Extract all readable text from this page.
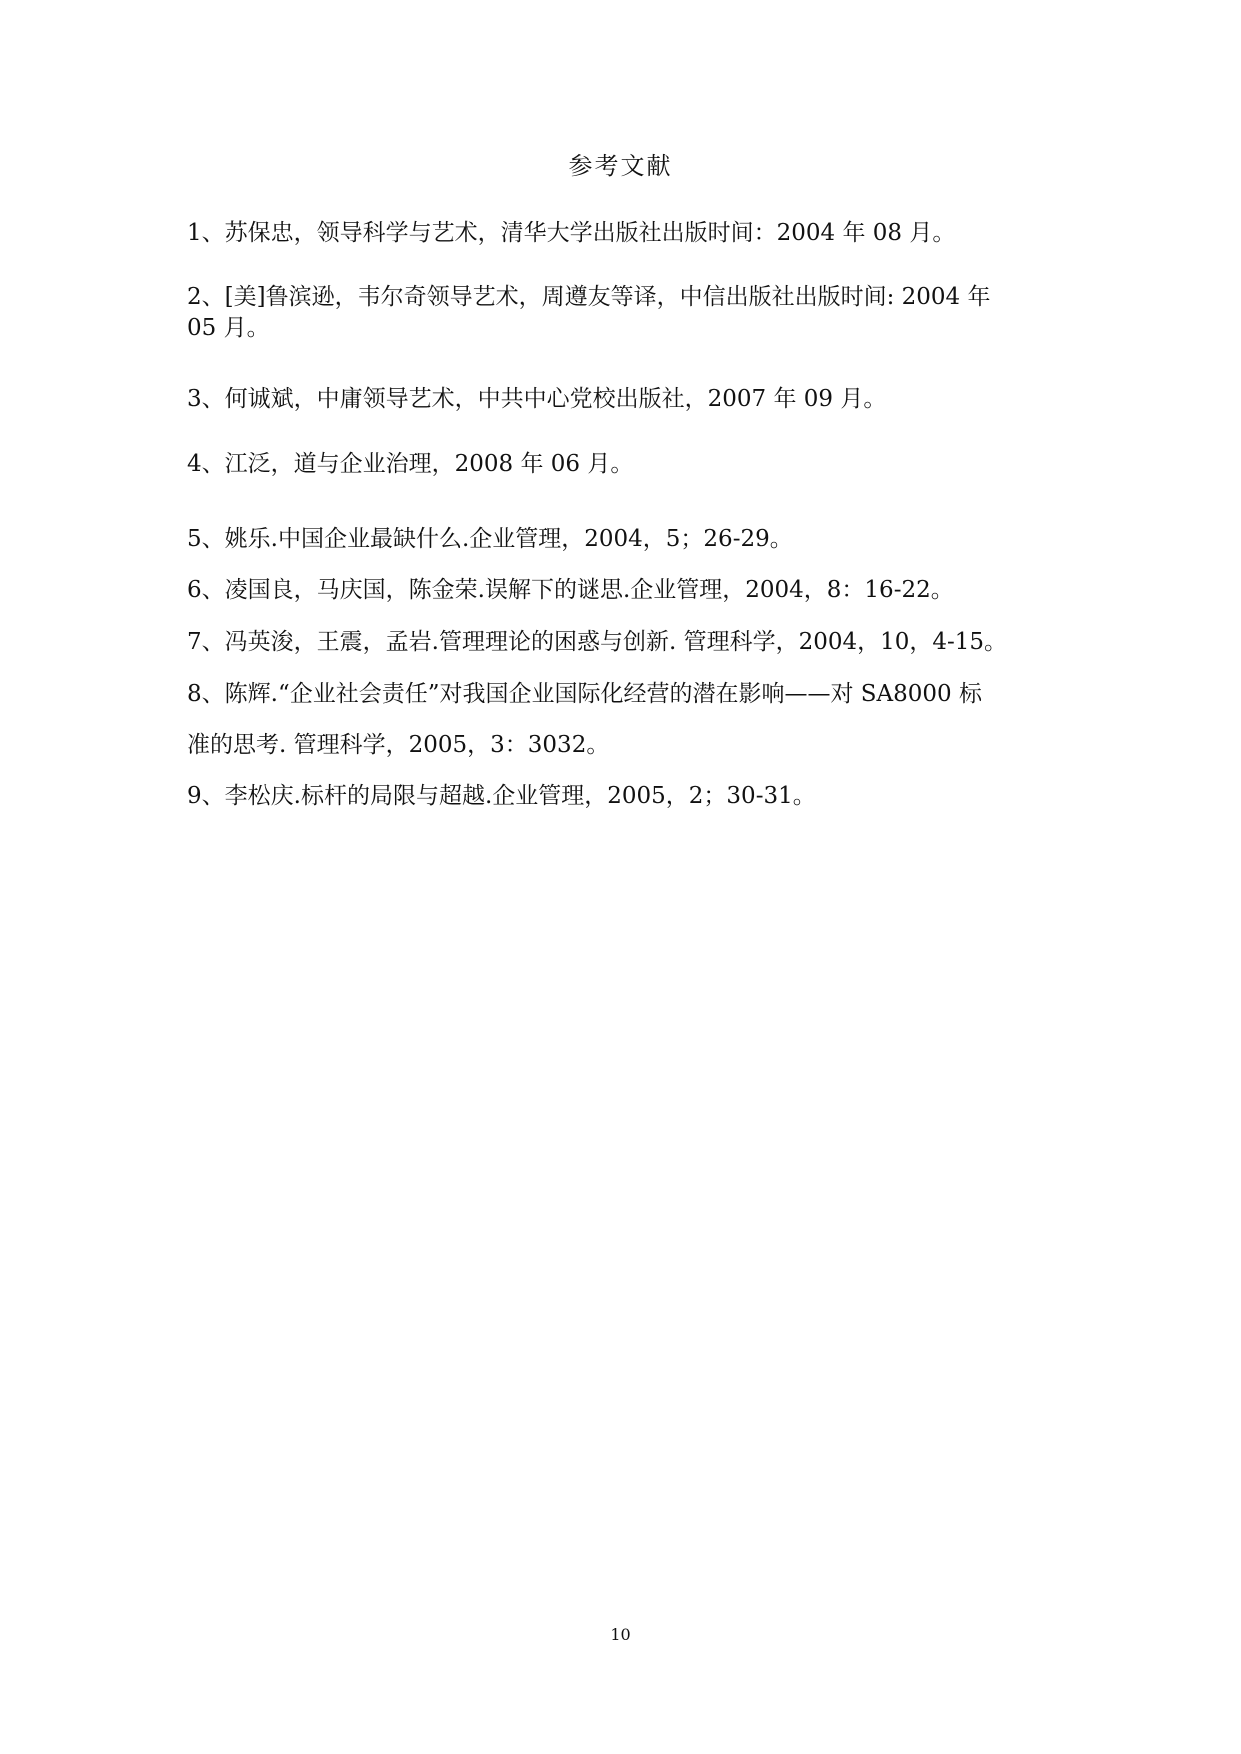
参考文献
1、苏保忠，领导科学与艺术，清华大学出版社出版时间：2004 年 08 月。
2、[美]鲁滨逊，韦尔奇领导艺术，周遵友等译，中信出版社出版时间: 2004 年
05 月。
3、何诚斌，中庸领导艺术，中共中心党校出版社，2007 年 09 月。
4、江泛，道与企业治理，2008 年 06 月。
5、姚乐.中国企业最缺什么.企业管理，2004，5；26-29。
6、凌国良，马庆国，陈金荣.误解下的谜思.企业管理，2004，8：16-22。
7、冯英浚，王震，孟岩.管理理论的困惑与创新. 管理科学，2004，10，4-15。
8、陈辉.“企业社会责任”对我国企业国际化经营的潜在影响——对 SA8000 标
准的思考. 管理科学，2005，3：3032。
9、李松庆.标杆的局限与超越.企业管理，2005，2；30-31。
10
